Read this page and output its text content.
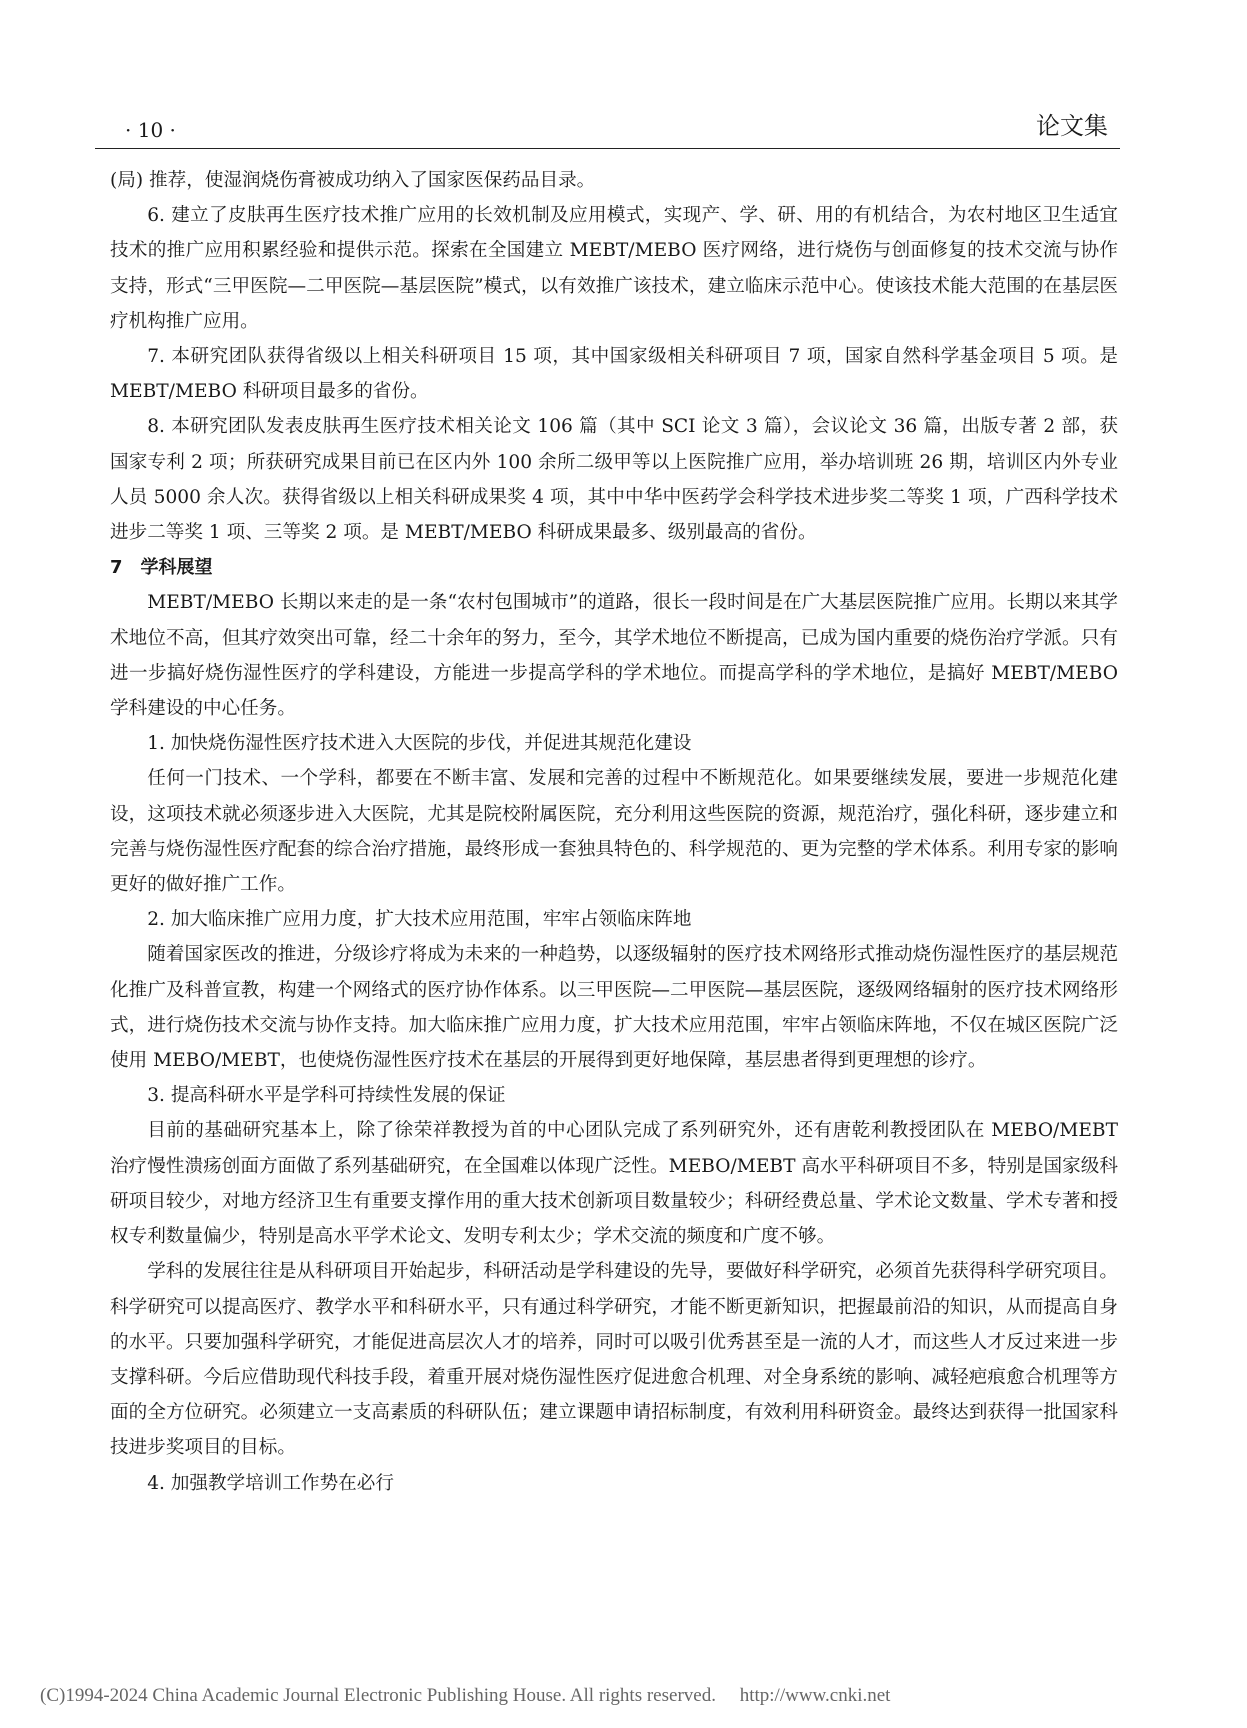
· 10 ·	论文集

(局) 推荐，使湿润烧伤膏被成功纳入了国家医保药品目录。

6. 建立了皮肤再生医疗技术推广应用的长效机制及应用模式，实现产、学、研、用的有机结合，为农村地区卫生适宜技术的推广应用积累经验和提供示范。探索在全国建立 MEBT/MEBO 医疗网络，进行烧伤与创面修复的技术交流与协作支持，形式“三甲医院—二甲医院—基层医院”模式，以有效推广该技术，建立临床示范中心。使该技术能大范围的在基层医疗机构推广应用。

7. 本研究团队获得省级以上相关科研项目 15 项，其中国家级相关科研项目 7 项，国家自然科学基金项目 5 项。是 MEBT/MEBO 科研项目最多的省份。

8. 本研究团队发表皮肤再生医疗技术相关论文 106 篇（其中 SCI 论文 3 篇），会议论文 36 篇，出版专著 2 部，获国家专利 2 项；所获研究成果目前已在区内外 100 余所二级甲等以上医院推广应用，举办培训班 26 期，培训区内外专业人员 5000 余人次。获得省级以上相关科研成果奖 4 项，其中中华中医药学会科学技术进步奖二等奖 1 项，广西科学技术进步二等奖 1 项、三等奖 2 项。是 MEBT/MEBO 科研成果最多、级别最高的省份。

7　学科展望

MEBT/MEBO 长期以来走的是一条“农村包围城市”的道路，很长一段时间是在广大基层医院推广应用。长期以来其学术地位不高，但其疗效突出可靠，经二十余年的努力，至今，其学术地位不断提高，已成为国内重要的烧伤治疗学派。只有进一步搞好烧伤湿性医疗的学科建设，方能进一步提高学科的学术地位。而提高学科的学术地位，是搞好 MEBT/MEBO 学科建设的中心任务。

1. 加快烧伤湿性医疗技术进入大医院的步伐，并促进其规范化建设

任何一门技术、一个学科，都要在不断丰富、发展和完善的过程中不断规范化。如果要继续发展，要进一步规范化建设，这项技术就必须逐步进入大医院，尤其是院校附属医院，充分利用这些医院的资源，规范治疗，强化科研，逐步建立和完善与烧伤湿性医疗配套的综合治疗措施，最终形成一套独具特色的、科学规范的、更为完整的学术体系。利用专家的影响更好的做好推广工作。

2. 加大临床推广应用力度，扩大技术应用范围，牢牢占领临床阵地

随着国家医改的推进，分级诊疗将成为未来的一种趋势，以逐级辐射的医疗技术网络形式推动烧伤湿性医疗的基层规范化推广及科普宣教，构建一个网络式的医疗协作体系。以三甲医院—二甲医院—基层医院，逐级网络辐射的医疗技术网络形式，进行烧伤技术交流与协作支持。加大临床推广应用力度，扩大技术应用范围，牢牢占领临床阵地，不仅在城区医院广泛使用 MEBO/MEBT，也使烧伤湿性医疗技术在基层的开展得到更好地保障，基层患者得到更理想的诊疗。

3. 提高科研水平是学科可持续性发展的保证

目前的基础研究基本上，除了徐荣祥教授为首的中心团队完成了系列研究外，还有唐乾利教授团队在 MEBO/MEBT 治疗慢性溃疡创面方面做了系列基础研究，在全国难以体现广泛性。MEBO/MEBT 高水平科研项目不多，特别是国家级科研项目较少，对地方经济卫生有重要支撑作用的重大技术创新项目数量较少；科研经费总量、学术论文数量、学术专著和授权专利数量偏少，特别是高水平学术论文、发明专利太少；学术交流的频度和广度不够。

学科的发展往往是从科研项目开始起步，科研活动是学科建设的先导，要做好科学研究，必须首先获得科学研究项目。科学研究可以提高医疗、教学水平和科研水平，只有通过科学研究，才能不断更新知识，把握最前沿的知识，从而提高自身的水平。只要加强科学研究，才能促进高层次人才的培养，同时可以吸引优秀甚至是一流的人才，而这些人才反过来进一步支撑科研。今后应借助现代科技手段，着重开展对烧伤湿性医疗促进愈合机理、对全身系统的影响、减轻疤痕愈合机理等方面的全方位研究。必须建立一支高素质的科研队伍；建立课题申请招标制度，有效利用科研资金。最终达到获得一批国家科技进步奖项目的目标。

4. 加强教学培训工作势在必行

(C)1994-2024 China Academic Journal Electronic Publishing House. All rights reserved.　 http://www.cnki.net
